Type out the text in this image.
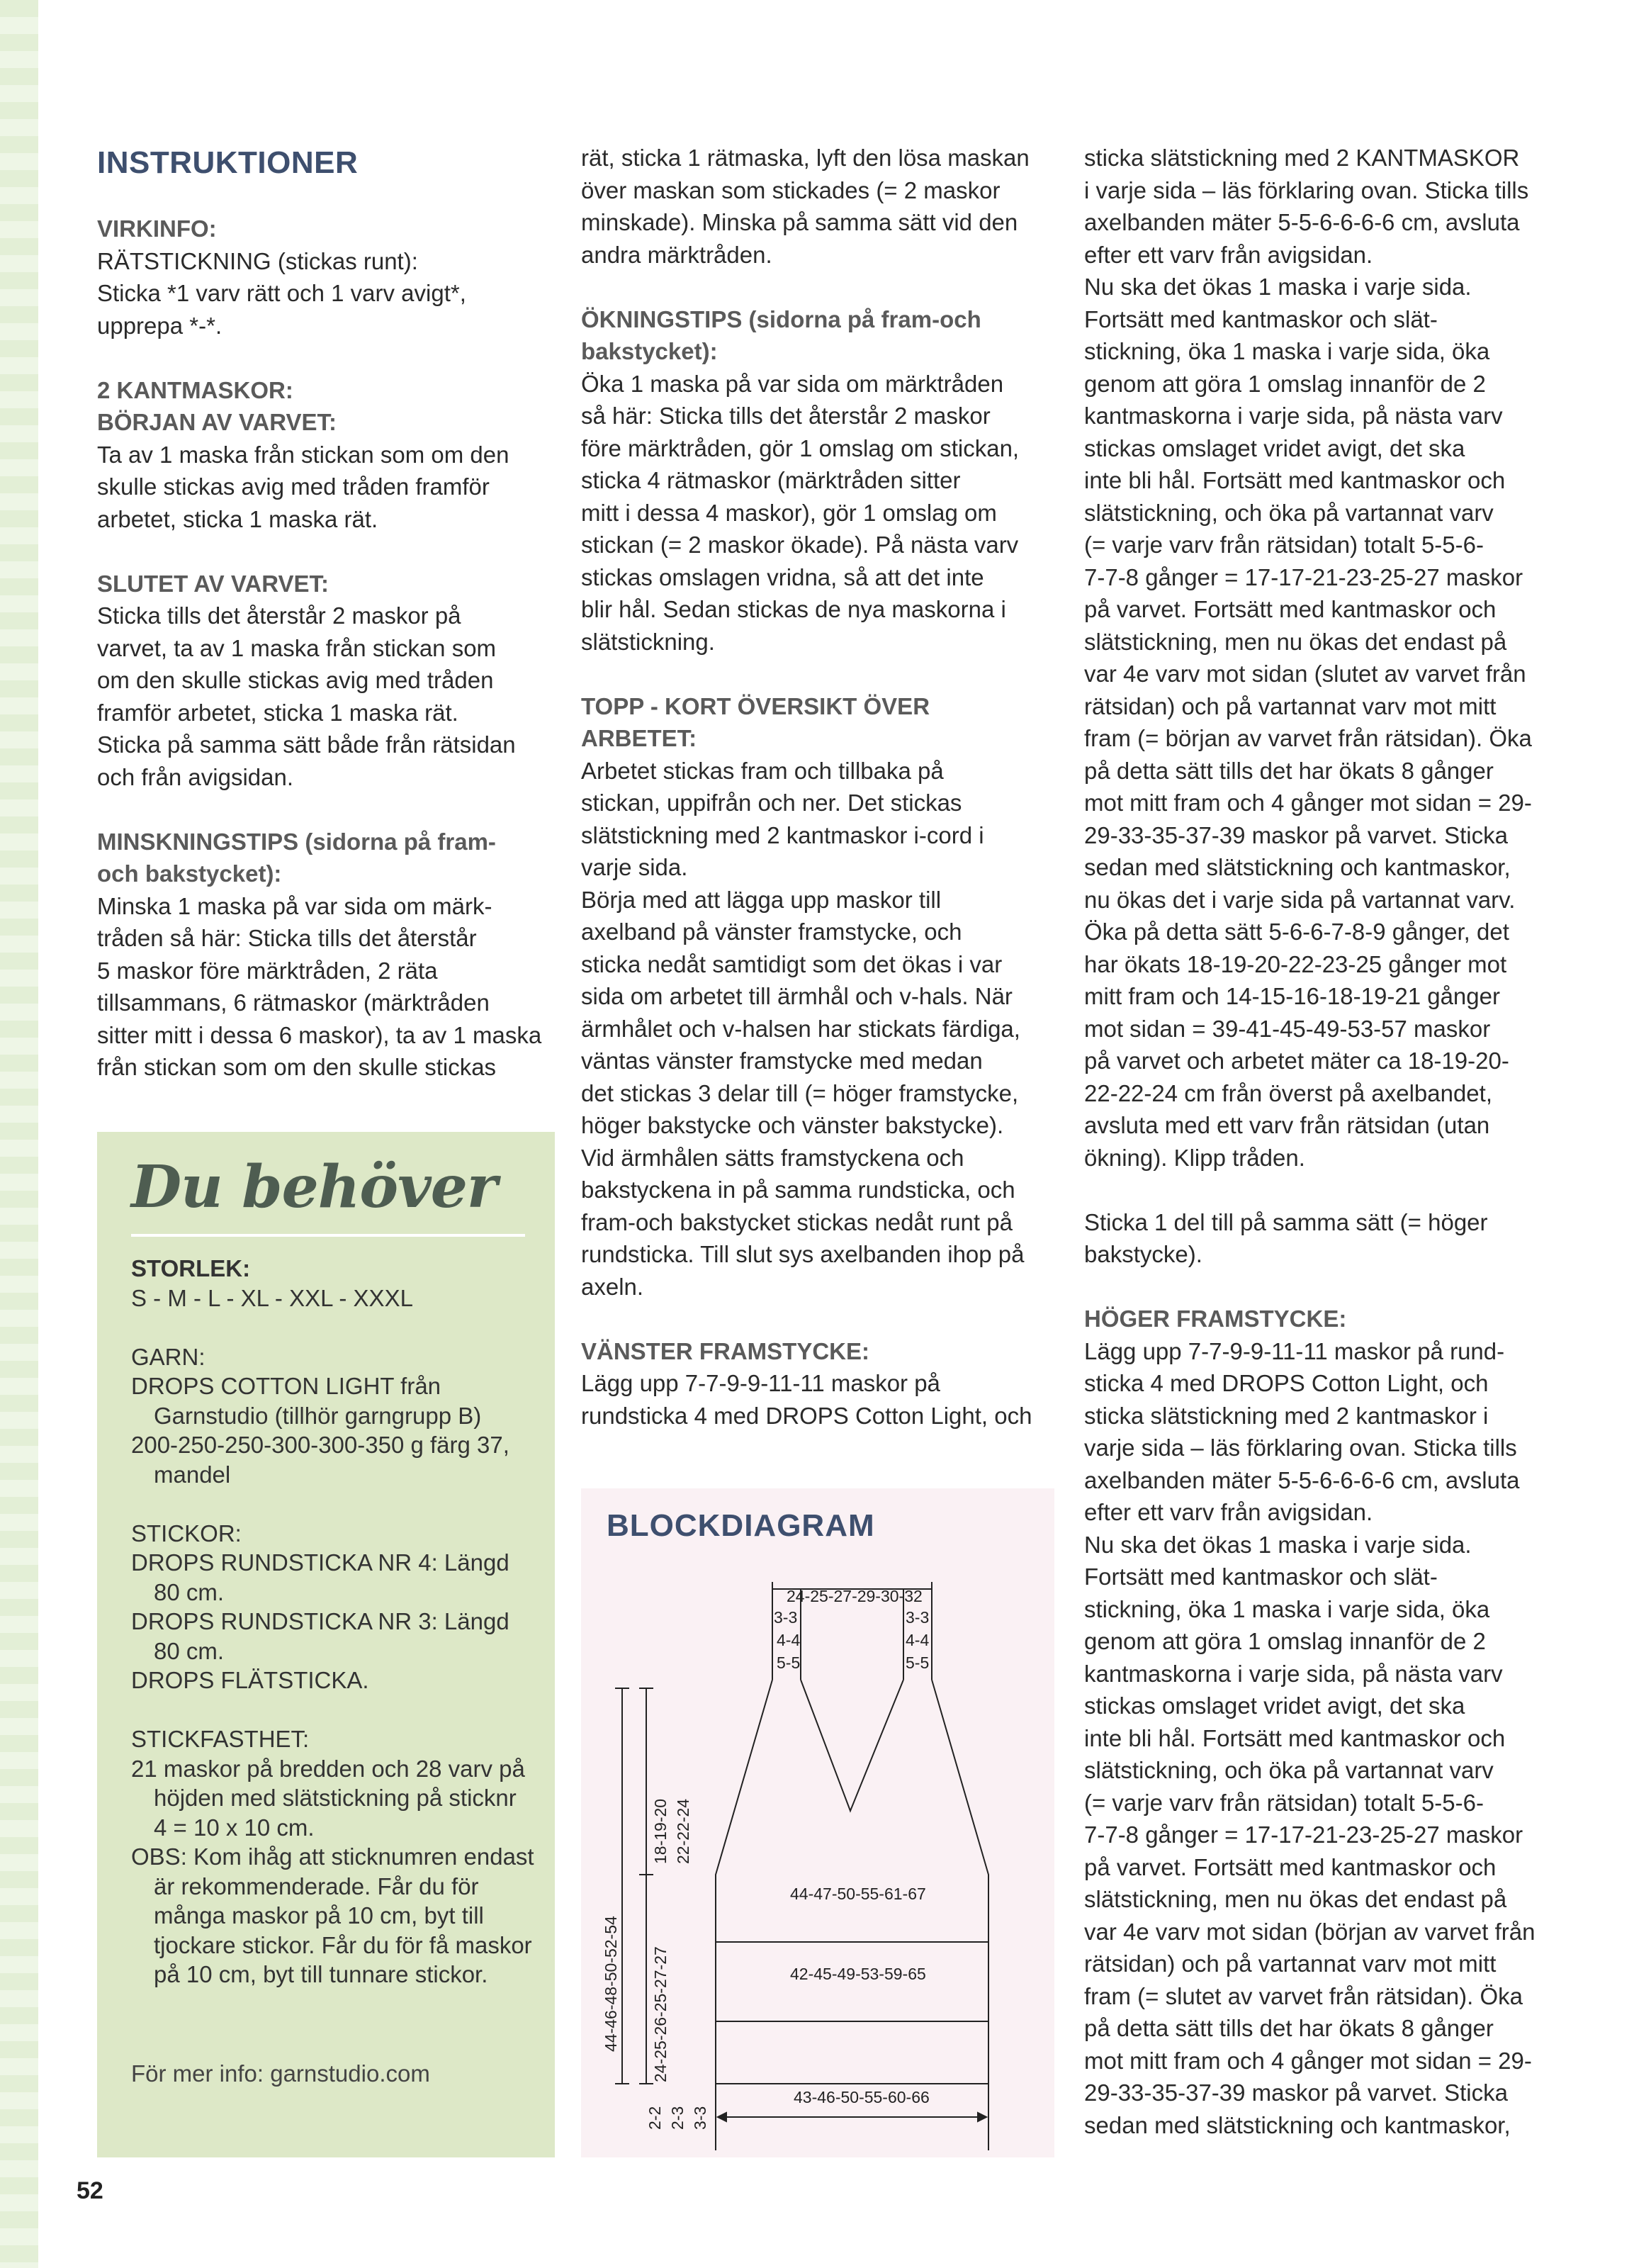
INSTRUKTIONER
VIRKINFO:

RÄTSTICKNING (stickas runt):

Sticka *1 varv rätt och 1 varv avigt*,

upprepa *-*.

2 KANTMASKOR:
BÖRJAN AV VARVET:

Ta av 1 maska från stickan som om den

skulle stickas avig med tråden framför

arbetet, sticka 1 maska rät.

SLUTET AV VARVET:

Sticka tills det återstår 2 maskor på

varvet, ta av 1 maska från stickan som

om den skulle stickas avig med tråden

framför arbetet, sticka 1 maska rät.

Sticka på samma sätt både från rätsidan

och från avigsidan.

MINSKNINGSTIPS (sidorna på fram-
och bakstycket):

Minska 1 maska på var sida om märk-

tråden så här: Sticka tills det återstår

5 maskor före märktråden, 2 räta

tillsammans, 6 rätmaskor (märktråden

sitter mitt i dessa 6 maskor), ta av 1 maska

från stickan som om den skulle stickas

Du behöver

STORLEK:

S - M - L - XL - XXL - XXXL

GARN:

DROPS COTTON LIGHT från Garnstudio (tillhör garngrupp B)

200-250-250-300-300-350 g färg 37, mandel

STICKOR:

DROPS RUNDSTICKA NR 4: Längd 80 cm.

DROPS RUNDSTICKA NR 3: Längd 80 cm.

DROPS FLÄTSTICKA.

STICKFASTHET:

21 maskor på bredden och 28 varv på höjden med slätstickning på sticknr 4 = 10 x 10 cm.

OBS: Kom ihåg att sticknumren endast är rekommenderade. Får du för många maskor på 10 cm, byt till tjockare stickor. Får du för få maskor på 10 cm, byt till tunnare stickor.

För mer info: garnstudio.com

rät, sticka 1 rätmaska, lyft den lösa maskan

över maskan som stickades (= 2 maskor

minskade). Minska på samma sätt vid den

andra märktråden.

ÖKNINGSTIPS (sidorna på fram-och
bakstycket):

Öka 1 maska på var sida om märktråden

så här: Sticka tills det återstår 2 maskor

före märktråden, gör 1 omslag om stickan,

sticka 4 rätmaskor (märktråden sitter

mitt i dessa 4 maskor), gör 1 omslag om

stickan (= 2 maskor ökade). På nästa varv

stickas omslagen vridna, så att det inte

blir hål. Sedan stickas de nya maskorna i

slätstickning.

TOPP - KORT ÖVERSIKT ÖVER
ARBETET:

Arbetet stickas fram och tillbaka på

stickan, uppifrån och ner. Det stickas

slätstickning med 2 kantmaskor i-cord i

varje sida.

Börja med att lägga upp maskor till

axelband på vänster framstycke, och

sticka nedåt samtidigt som det ökas i var

sida om arbetet till ärmhål och v-hals. När

ärmhålet och v-halsen har stickats färdiga,

väntas vänster framstycke med medan

det stickas 3 delar till (= höger framstycke,

höger bakstycke och vänster bakstycke).

Vid ärmhålen sätts framstyckena och

bakstyckena in på samma rundsticka, och

fram-och bakstycket stickas nedåt runt på

rundsticka. Till slut sys axelbanden ihop på

axeln.

VÄNSTER FRAMSTYCKE:

Lägg upp 7-7-9-9-11-11 maskor på

rundsticka 4 med DROPS Cotton Light, och

BLOCKDIAGRAM
24-25-27-29-30-32
3-3
4-4
5-5
3-3
4-4
5-5
18-19-20 22-22-24
44-46-48-50-52-54 24-25-26-25-27-27
2-2 2-3 3-3
44-47-50-55-61-67
42-45-49-53-59-65
43-46-50-55-60-66

sticka slätstickning med 2 KANTMASKOR

i varje sida – läs förklaring ovan. Sticka tills

axelbanden mäter 5-5-6-6-6-6 cm, avsluta

efter ett varv från avigsidan.

Nu ska det ökas 1 maska i varje sida.

Fortsätt med kantmaskor och slät-

stickning, öka 1 maska i varje sida, öka

genom att göra 1 omslag innanför de 2

kantmaskorna i varje sida, på nästa varv

stickas omslaget vridet avigt, det ska

inte bli hål. Fortsätt med kantmaskor och

slätstickning, och öka på vartannat varv

(= varje varv från rätsidan) totalt 5-5-6-

7-7-8 gånger = 17-17-21-23-25-27 maskor

på varvet. Fortsätt med kantmaskor och

slätstickning, men nu ökas det endast på

var 4e varv mot sidan (slutet av varvet från

rätsidan) och på vartannat varv mot mitt

fram (= början av varvet från rätsidan). Öka

på detta sätt tills det har ökats 8 gånger

mot mitt fram och 4 gånger mot sidan = 29-

29-33-35-37-39 maskor på varvet. Sticka

sedan med slätstickning och kantmaskor,

nu ökas det i varje sida på vartannat varv.

Öka på detta sätt 5-6-6-7-8-9 gånger, det

har ökats 18-19-20-22-23-25 gånger mot

mitt fram och 14-15-16-18-19-21 gånger

mot sidan = 39-41-45-49-53-57 maskor

på varvet och arbetet mäter ca 18-19-20-

22-22-24 cm från överst på axelbandet,

avsluta med ett varv från rätsidan (utan

ökning). Klipp tråden.

Sticka 1 del till på samma sätt (= höger

bakstycke).

HÖGER FRAMSTYCKE:

Lägg upp 7-7-9-9-11-11 maskor på rund-

sticka 4 med DROPS Cotton Light, och

sticka slätstickning med 2 kantmaskor i

varje sida – läs förklaring ovan. Sticka tills

axelbanden mäter 5-5-6-6-6-6 cm, avsluta

efter ett varv från avigsidan.

Nu ska det ökas 1 maska i varje sida.

Fortsätt med kantmaskor och slät-

stickning, öka 1 maska i varje sida, öka

genom att göra 1 omslag innanför de 2

kantmaskorna i varje sida, på nästa varv

stickas omslaget vridet avigt, det ska

inte bli hål. Fortsätt med kantmaskor och

slätstickning, och öka på vartannat varv

(= varje varv från rätsidan) totalt 5-5-6-

7-7-8 gånger = 17-17-21-23-25-27 maskor

på varvet. Fortsätt med kantmaskor och

slätstickning, men nu ökas det endast på

var 4e varv mot sidan (början av varvet från

rätsidan) och på vartannat varv mot mitt

fram (= slutet av varvet från rätsidan). Öka

på detta sätt tills det har ökats 8 gånger

mot mitt fram och 4 gånger mot sidan = 29-

29-33-35-37-39 maskor på varvet. Sticka

sedan med slätstickning och kantmaskor,

52
